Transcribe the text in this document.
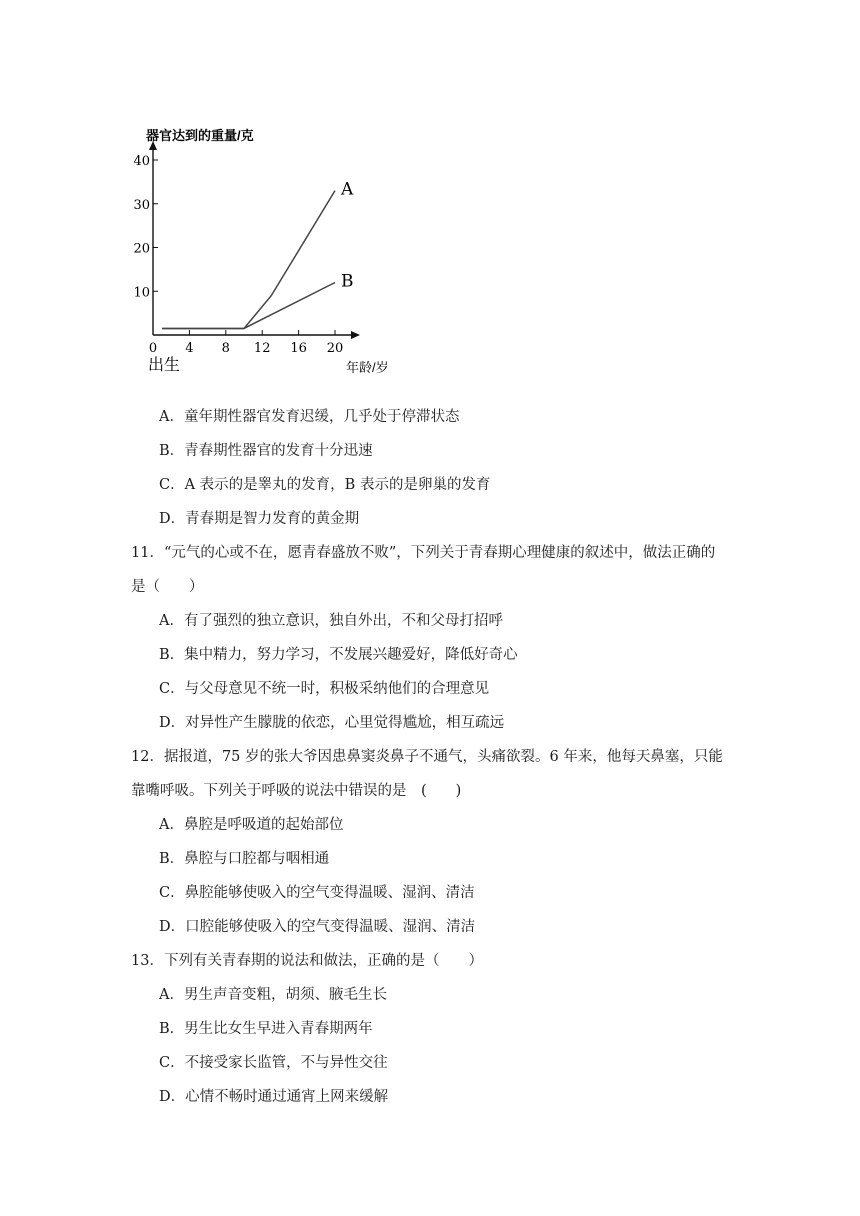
40
30
20
10
0 4 8 12 16 20
A
B
器官达到的重量/克
年龄/岁
出生
A．童年期性器官发育迟缓，几乎处于停滞状态
B．青春期性器官的发育十分迅速
C．A 表示的是睾丸的发育，B 表示的是卵巢的发育
D．青春期是智力发育的黄金期
11．“元气的心或不在，愿青春盛放不败”，下列关于青春期心理健康的叙述中，做法正确的
是（　　）
A．有了强烈的独立意识，独自外出，不和父母打招呼
B．集中精力，努力学习，不发展兴趣爱好，降低好奇心
C．与父母意见不统一时，积极采纳他们的合理意见
D．对异性产生朦胧的依恋，心里觉得尴尬，相互疏远
12．据报道，75 岁的张大爷因患鼻窦炎鼻子不通气，头痛欲裂。6 年来，他每天鼻塞，只能
靠嘴呼吸。下列关于呼吸的说法中错误的是　(　　)
A．鼻腔是呼吸道的起始部位
B．鼻腔与口腔都与咽相通
C．鼻腔能够使吸入的空气变得温暖、湿润、清洁
D．口腔能够使吸入的空气变得温暖、湿润、清洁
13．下列有关青春期的说法和做法，正确的是（　　）
A．男生声音变粗，胡须、腋毛生长
B．男生比女生早进入青春期两年
C．不接受家长监管，不与异性交往
D．心情不畅时通过通宵上网来缓解
